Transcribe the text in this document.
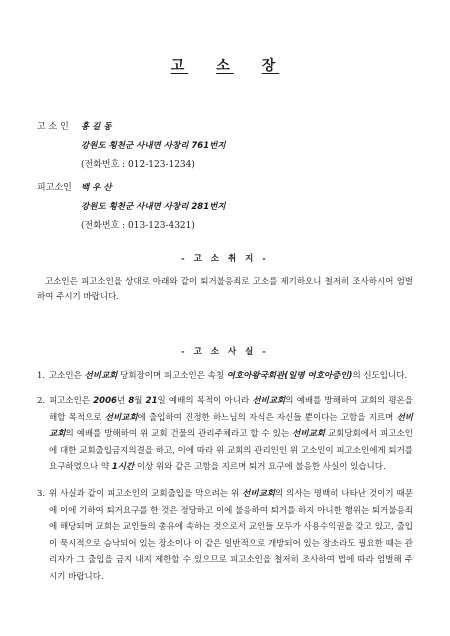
고 소 장
고 소 인 홍 길 동
강원도 횡천군 사내면 사창리 761번지
(전화번호 : 012-123-1234)
피고소인 백 우 산
강원도 횡천군 사내면 사창리 281번지
(전화번호 : 013-123-4321)
- 고 소 취 지 -
고소인은 피고소인을 상대로 아래와 같이 퇴거불응죄로 고소를 제기하오니 철저히 조사하시어 엄벌하여 주시기 바랍니다.
- 고 소 사 실 -
1. 고소인은 선비교회 당회장이며 피고소인은 속칭 여호아왕국회관(일명 여호아증인)의 신도입니다.
2. 피고소인은 2006년 8월 21일 예배의 목적이 아니라 선비교회의 예배를 방해하여 교회의 평온을 해할 목적으로 선비교회에 출입하여 진정한 하느님의 자식은 자신들 뿐이다는 고함을 지르며 선비교회의 예배를 방해하여 위 교회 건물의 관리주체라고 할 수 있는 선비교회 교회당회에서 피고소인에 대한 교회출입금지의결을 하고, 이에 따라 위 교회의 관리인인 위 고소인이 피고소인에게 퇴거를 요구하였으나 약 1시간 이상 위와 같은 고함을 지르며 퇴거 요구에 불응한 사실이 있습니다.
3. 위 사실과 같이 피고소인의 교회출입을 막으려는 위 선비교회의 의사는 명백히 나타난 것이기 때문에 이에 기하여 퇴거요구를 한 것은 정당하고 이에 불응하여 퇴거를 하지 아니한 행위는 퇴거불응죄에 해당되며 교회는 교인들의 총유에 속하는 것으로서 교인들 모두가 사용수익권을 갖고 있고, 출입이 묵시적으로 승낙되어 있는 장소이나 이 같은 일반적으로 개방되어 있는 장소라도 필요한 때는 관리자가 그 출입을 금지 내지 제한할 수 있으므로 피고소인을 철저히 조사하여 법에 따라 엄벌해 주시기 바랍니다.
